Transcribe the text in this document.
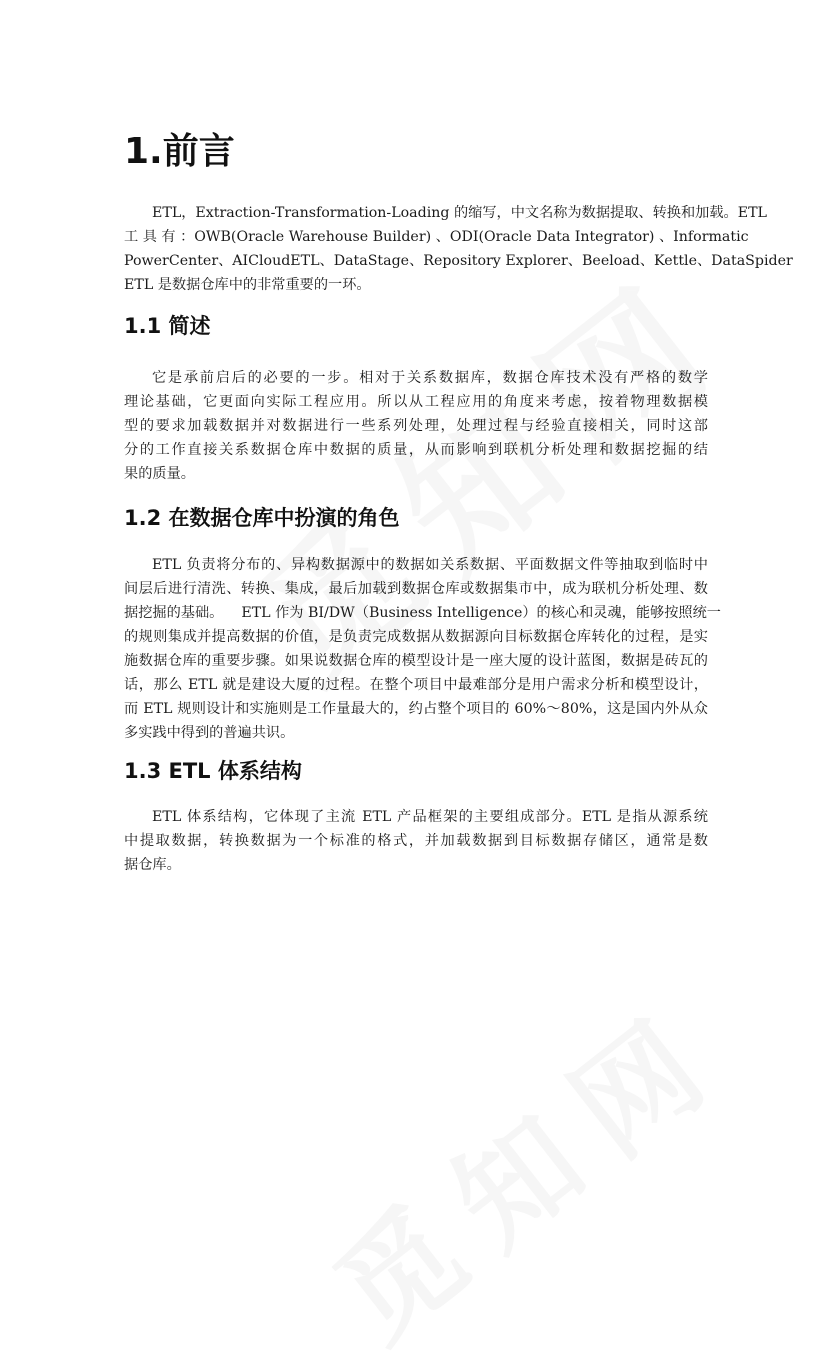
1.前言

ETL，Extraction-Transformation-Loading 的缩写，中文名称为数据提取、转换和加载。ETL
工 具 有 ：OWB(Oracle Warehouse Builder) 、ODI(Oracle Data Integrator) 、Informatic
PowerCenter、AICloudETL、DataStage、Repository Explorer、Beeload、Kettle、DataSpider
ETL 是数据仓库中的非常重要的一环。

1.1 简述

它是承前启后的必要的一步。相对于关系数据库，数据仓库技术没有严格的数学
理论基础，它更面向实际工程应用。所以从工程应用的角度来考虑，按着物理数据模
型的要求加载数据并对数据进行一些系列处理，处理过程与经验直接相关，同时这部
分的工作直接关系数据仓库中数据的质量，从而影响到联机分析处理和数据挖掘的结
果的质量。

1.2 在数据仓库中扮演的角色

ETL 负责将分布的、异构数据源中的数据如关系数据、平面数据文件等抽取到临时中
间层后进行清洗、转换、集成，最后加载到数据仓库或数据集市中，成为联机分析处理、数
据挖掘的基础。    ETL 作为 BI/DW（Business Intelligence）的核心和灵魂，能够按照统一
的规则集成并提高数据的价值，是负责完成数据从数据源向目标数据仓库转化的过程，是实
施数据仓库的重要步骤。如果说数据仓库的模型设计是一座大厦的设计蓝图，数据是砖瓦的
话，那么 ETL 就是建设大厦的过程。在整个项目中最难部分是用户需求分析和模型设计，
而 ETL 规则设计和实施则是工作量最大的，约占整个项目的 60%～80%，这是国内外从众
多实践中得到的普遍共识。

1.3 ETL 体系结构

ETL 体系结构，它体现了主流 ETL 产品框架的主要组成部分。ETL 是指从源系统
中提取数据，转换数据为一个标准的格式，并加载数据到目标数据存储区，通常是数
据仓库。
